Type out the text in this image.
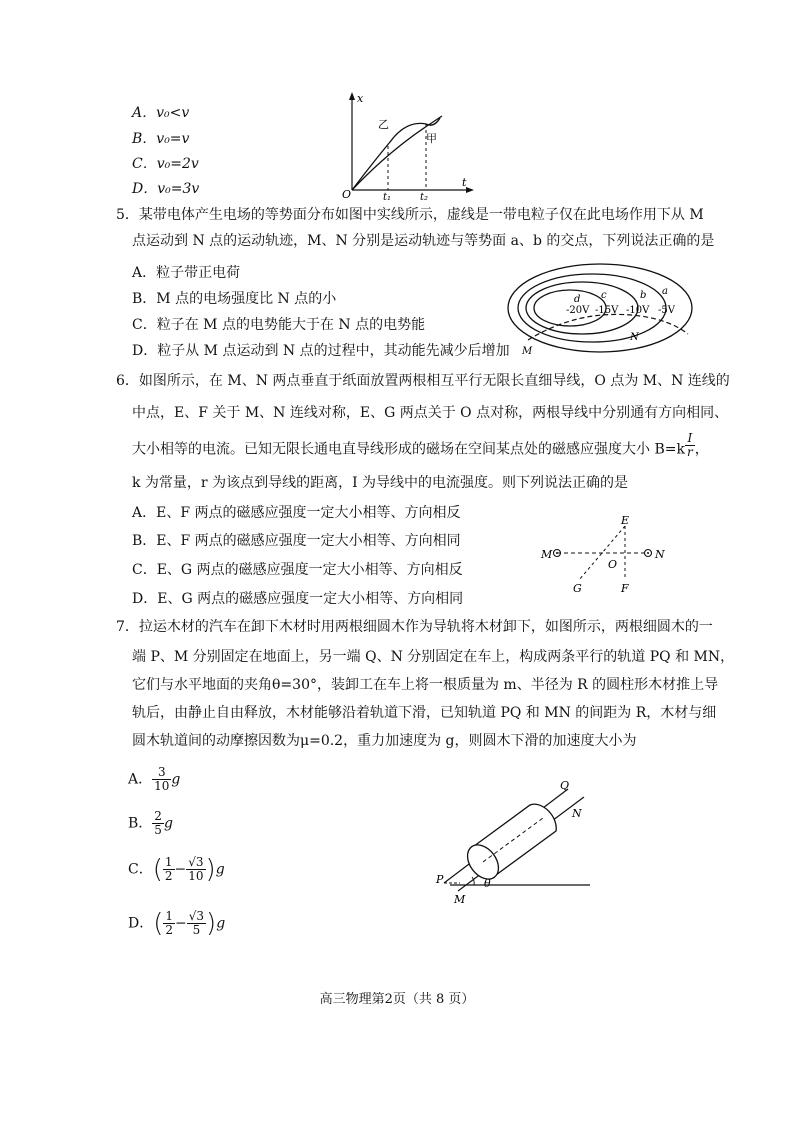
A．v₀<v
B．v₀=v
C．v₀=2v
D．v₀=3v
x
t
O	t₁	t₂
乙
甲
5．某带电体产生电场的等势面分布如图中实线所示，虚线是一带电粒子仅在此电场作用下从 M
点运动到 N 点的运动轨迹，M、N 分别是运动轨迹与等势面 a、b 的交点，下列说法正确的是
A．粒子带正电荷
B．M 点的电场强度比 N 点的小
C．粒子在 M 点的电势能大于在 N 点的电势能
D．粒子从 M 点运动到 N 点的过程中，其动能先减少后增加
d c	b a
-20V -15V -10V -5V
M
N
6．如图所示，在 M、N 两点垂直于纸面放置两根相互平行无限长直细导线，O 点为 M、N 连线的
中点，E、F 关于 M、N 连线对称，E、G 两点关于 O 点对称，两根导线中分别通有方向相同、
大小相等的电流。已知无限长通电直导线形成的磁场在空间某点处的磁感应强度大小 $B=k \frac{I}{r}$ ，
k 为常量，r 为该点到导线的距离，I 为导线中的电流强度。则下列说法正确的是
A．E、F 两点的磁感应强度一定大小相等、方向相反
B．E、F 两点的磁感应强度一定大小相等、方向相同
C．E、G 两点的磁感应强度一定大小相等、方向相反
D．E、G 两点的磁感应强度一定大小相等、方向相同
M	N
O
E
F
G
7．拉运木材的汽车在卸下木材时用两根细圆木作为导轨将木材卸下，如图所示，两根细圆木的一
端 P、M 分别固定在地面上，另一端 Q、N 分别固定在车上，构成两条平行的轨道 PQ 和 MN，
它们与水平地面的夹角θ=30°，装卸工在车上将一根质量为 m、半径为 R 的圆柱形木材推上导
轨后，由静止自由释放，木材能够沿着轨道下滑，已知轨道 PQ 和 MN 的间距为 R，木材与细
圆木轨道间的动摩擦因数为μ=0.2，重力加速度为 g，则圆木下滑的加速度大小为
A． $\frac{3}{10}$ g
B． $\frac{2}{5}$ g
C．( $\frac{1}{2} - \frac{√3}{10} )g$
D．( $\frac{1}{2} - \frac{√3}{5} )g$
Q
N
P
M
θ
高三物理第2页（共 8 页）
